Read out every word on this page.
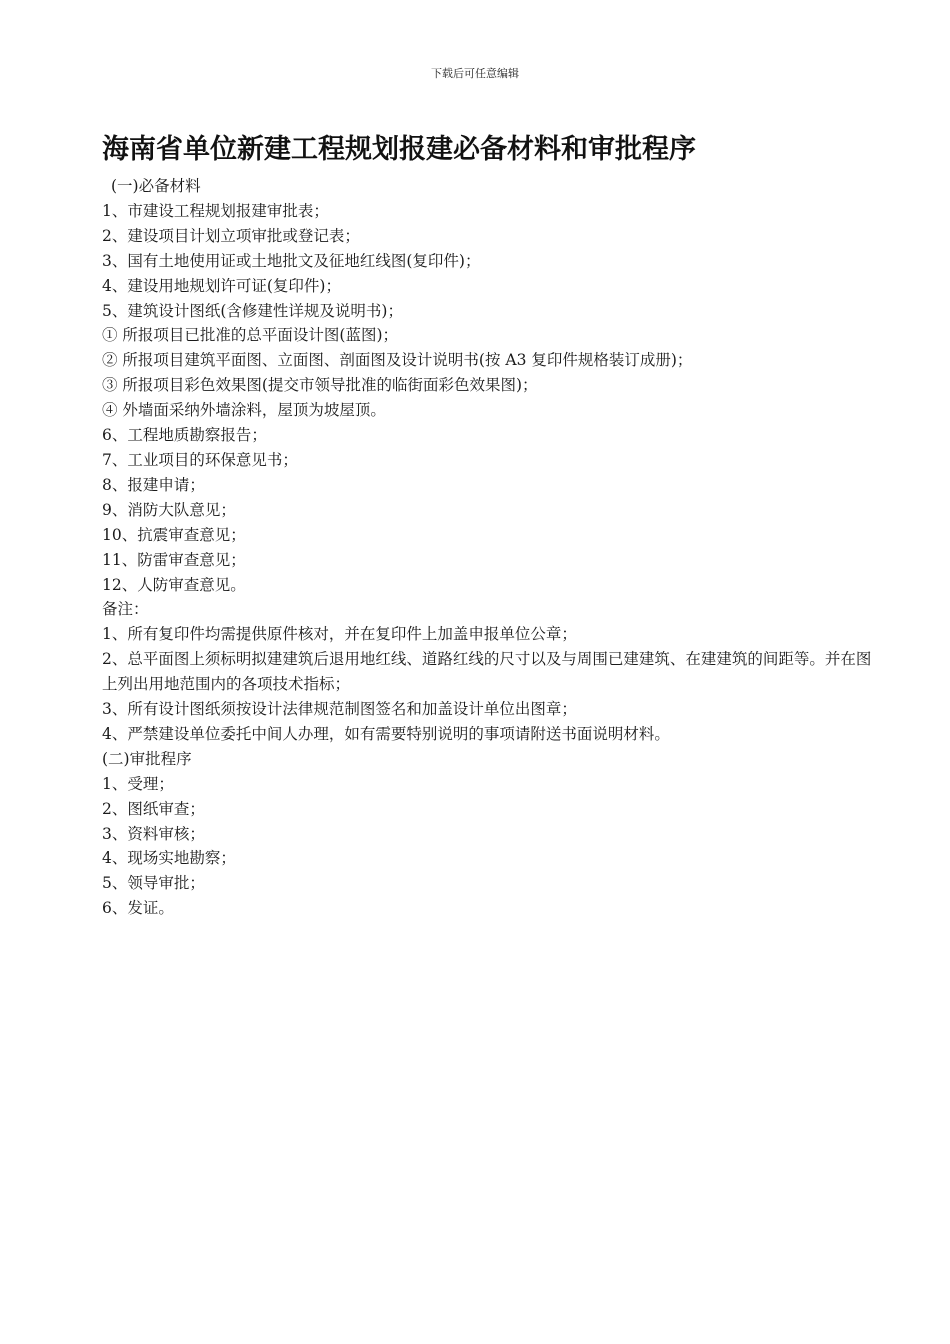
下载后可任意编辑
海南省单位新建工程规划报建必备材料和审批程序

(一)必备材料

1、市建设工程规划报建审批表；

2、建设项目计划立项审批或登记表；

3、国有土地使用证或土地批文及征地红线图(复印件)；

4、建设用地规划许可证(复印件)；

5、建筑设计图纸(含修建性详规及说明书)；

① 所报项目已批准的总平面设计图(蓝图)；

② 所报项目建筑平面图、立面图、剖面图及设计说明书(按 A3 复印件规格装订成册)；

③ 所报项目彩色效果图(提交市领导批准的临街面彩色效果图)；

④ 外墙面采纳外墙涂料，屋顶为坡屋顶。

6、工程地质勘察报告；

7、工业项目的环保意见书；

8、报建申请；

9、消防大队意见；

10、抗震审查意见；

11、防雷审查意见；

12、人防审查意见。

备注：

1、所有复印件均需提供原件核对，并在复印件上加盖申报单位公章；

2、总平面图上须标明拟建建筑后退用地红线、道路红线的尺寸以及与周围已建建筑、在建建筑的间距等。并在图上列出用地范围内的各项技术指标；

3、所有设计图纸须按设计法律规范制图签名和加盖设计单位出图章；

4、严禁建设单位委托中间人办理，如有需要特别说明的事项请附送书面说明材料。

(二)审批程序

1、受理；

2、图纸审查；

3、资料审核；

4、现场实地勘察；

5、领导审批；

6、发证。
